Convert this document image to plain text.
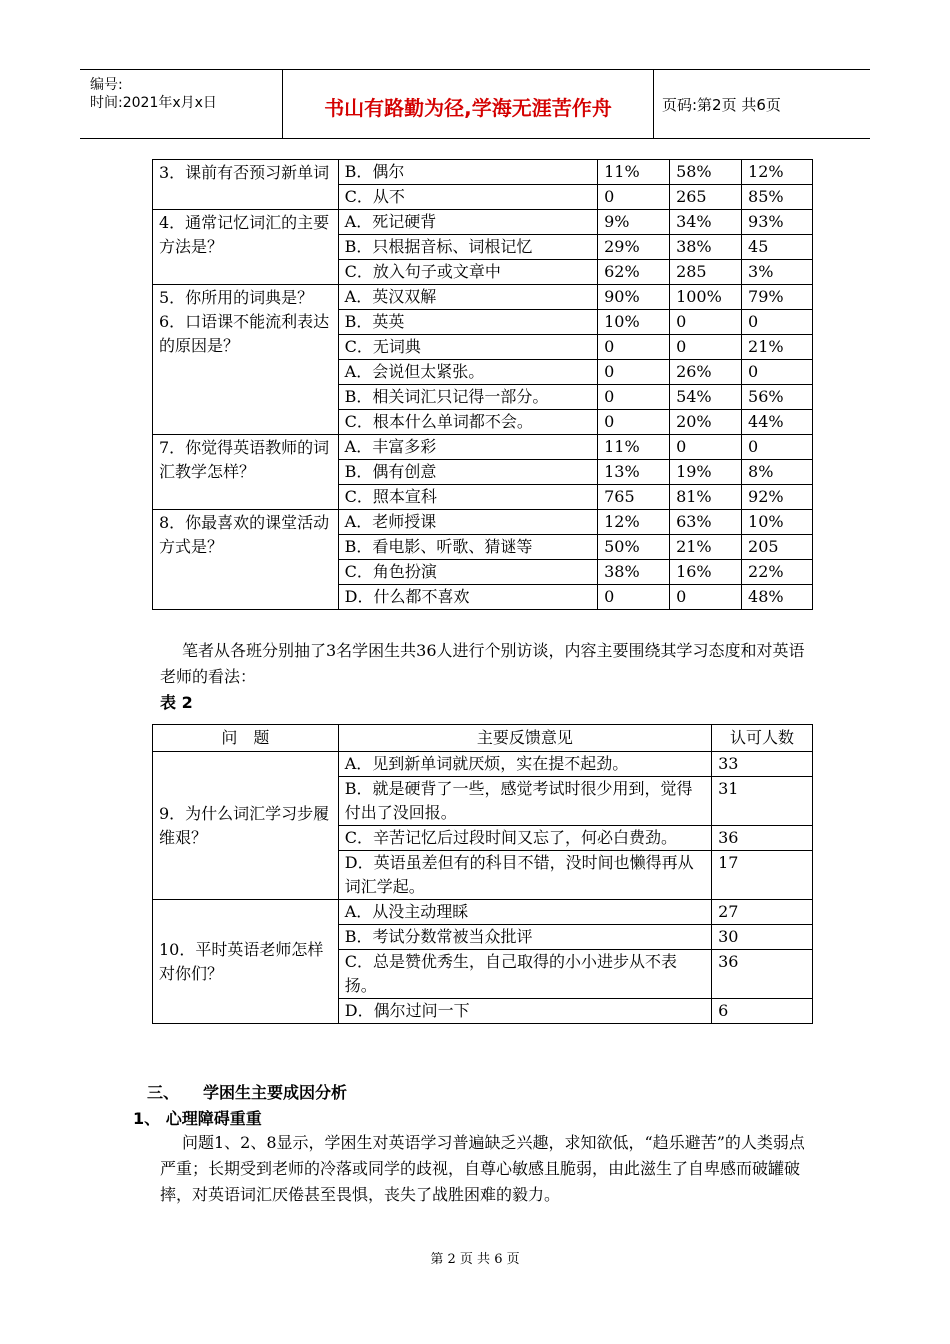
编号:
时间:2021年x月x日	书山有路勤为径,学海无涯苦作舟	页码:第2页 共6页
3．课前有否预习新单词	B．偶尔	11%	58%	12%
	C．从不	0	265	85%
4．通常记忆词汇的主要方法是？	A．死记硬背	9%	34%	93%
	B．只根据音标、词根记忆	29%	38%	45
	C．放入句子或文章中	62%	285	3%
5．你所用的词典是？6．口语课不能流利表达的原因是？	A．英汉双解	90%	100%	79%
	B．英英	10%	0	0
	C．无词典	0	0	21%
	A．会说但太紧张。	0	26%	0
	B．相关词汇只记得一部分。	0	54%	56%
	C．根本什么单词都不会。	0	20%	44%
7．你觉得英语教师的词汇教学怎样？	A．丰富多彩	11%	0	0
	B．偶有创意	13%	19%	8%
	C．照本宣科	765	81%	92%
8．你最喜欢的课堂活动方式是？	A．老师授课	12%	63%	10%
	B．看电影、听歌、猜谜等	50%	21%	205
	C．角色扮演	38%	16%	22%
	D．什么都不喜欢	0	0	48%
笔者从各班分别抽了3名学困生共36人进行个别访谈，内容主要围绕其学习态度和对英语老师的看法：
表 2
问　题	主要反馈意见	认可人数
9．为什么词汇学习步履维艰？	A．见到新单词就厌烦，实在提不起劲。	33
	B．就是硬背了一些，感觉考试时很少用到，觉得付出了没回报。	31
	C．辛苦记忆后过段时间又忘了，何必白费劲。	36
	D．英语虽差但有的科目不错，没时间也懒得再从词汇学起。	17
10．平时英语老师怎样对你们？	A．从没主动理睬	27
	B．考试分数常被当众批评	30
	C．总是赞优秀生，自己取得的小小进步从不表扬。	36
	D．偶尔过问一下	6
三、　　学困生主要成因分析
1、 心理障碍重重
问题1、2、8显示，学困生对英语学习普遍缺乏兴趣，求知欲低，“趋乐避苦”的人类弱点严重；长期受到老师的冷落或同学的歧视，自尊心敏感且脆弱，由此滋生了自卑感而破罐破摔，对英语词汇厌倦甚至畏惧，丧失了战胜困难的毅力。
第 2 页 共 6 页
